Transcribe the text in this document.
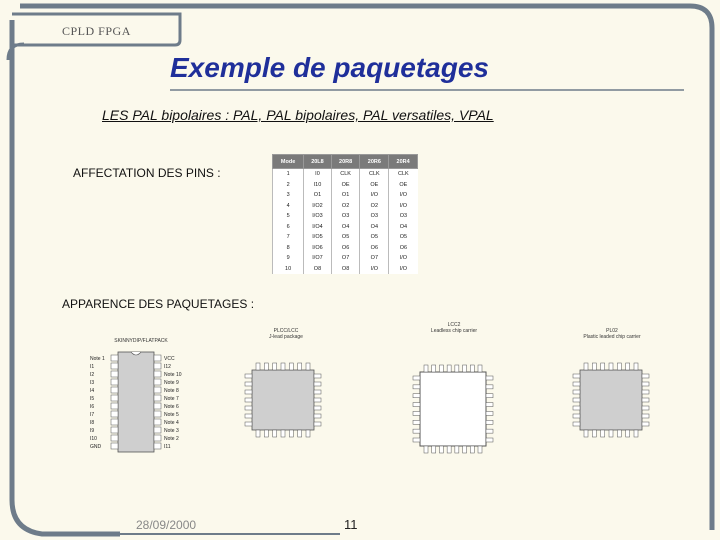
CPLD FPGA
Exemple de paquetages
LES PAL bipolaires : PAL, PAL bipolaires, PAL versatiles, VPAL
AFFECTATION DES PINS :
Mode	20L8	20R8	20R6	20R4
1	I0	CLK	CLK	CLK
2	I10	OE	OE	OE
3	O1	O1	I/O	I/O
4	I/O2	O2	O2	I/O
5	I/O3	O3	O3	O3
6	I/O4	O4	O4	O4
7	I/O5	O5	O5	O5
8	I/O6	O6	O6	O6
9	I/O7	O7	O7	I/O
10	O8	O8	I/O	I/O
APPARENCE DES PAQUETAGES :
SKINNYDIP/FLATPACK
Note 1
I1
I2
I3
I4
I5
I6
I7
I8
I9
I10
GND
VCC
I12
Note 10
Note 9
Note 8
Note 7
Note 6
Note 5
Note 4
Note 3
Note 2
I11
PLCC/LCC
J-lead package
LCC2
Leadless chip carrier	PL02
Plastic leaded chip carrier
28/09/2000	11
